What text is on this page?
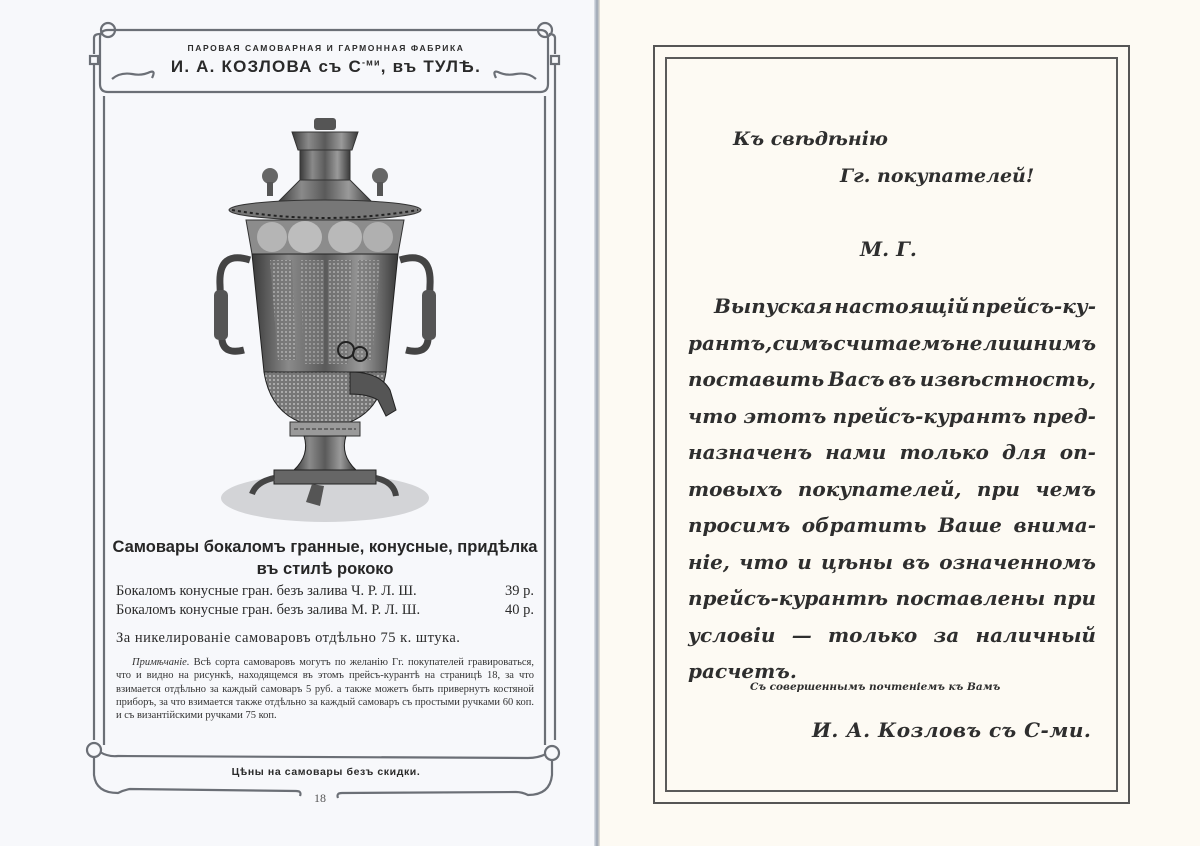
ПАРОВАЯ САМОВАРНАЯ И ГАРМОННАЯ ФАБРИКА
И. А. КОЗЛОВА съ $С^{-ми}$, въ ТУЛѢ.
Самовары бокаломъ гранные, конусные, придѣлка въ стилѣ рококо
Бокаломъ конусные гран. безъ залива Ч. Р. Л. Ш.	39 р.
Бокаломъ конусные гран. безъ залива М. Р. Л. Ш.	40 р.
За никелированіе самоваровъ отдѣльно 75 к. штука.
Примѣчаніе. Всѣ сорта самоваровъ могутъ по желанію Гг. покупателей гравироваться, что и видно на рисункѣ, находящемся въ этомъ прейсъ-курантѣ на страницѣ 18, за что взимается отдѣльно за каждый самоваръ 5 руб. а также можетъ быть привернутъ костяной приборъ, за что взимается также отдѣльно за каждый самоваръ съ простыми ручками 60 коп. и съ византійскими ручками 75 коп.
Цѣны на самовары безъ скидки.
18
Къ свѣдѣнію
Гг. покупателей!
М. Г.
Выпуская настоящій прейсъ-ку-
рантъ, симъ считаемъ не лишнимъ
поставить Васъ въ извѣстность,
что этотъ прейсъ-курантъ пред-
назначенъ нами только для оп-
товыхъ покупателей, при чемъ
просимъ обратить Ваше внима-
ніе, что и цѣны въ означенномъ
прейсъ-курантѣ поставлены при
условіи — только за наличный
расчетъ.
Съ совершеннымъ почтеніемъ къ Вамъ
И. А. Козловъ съ С-ми.
